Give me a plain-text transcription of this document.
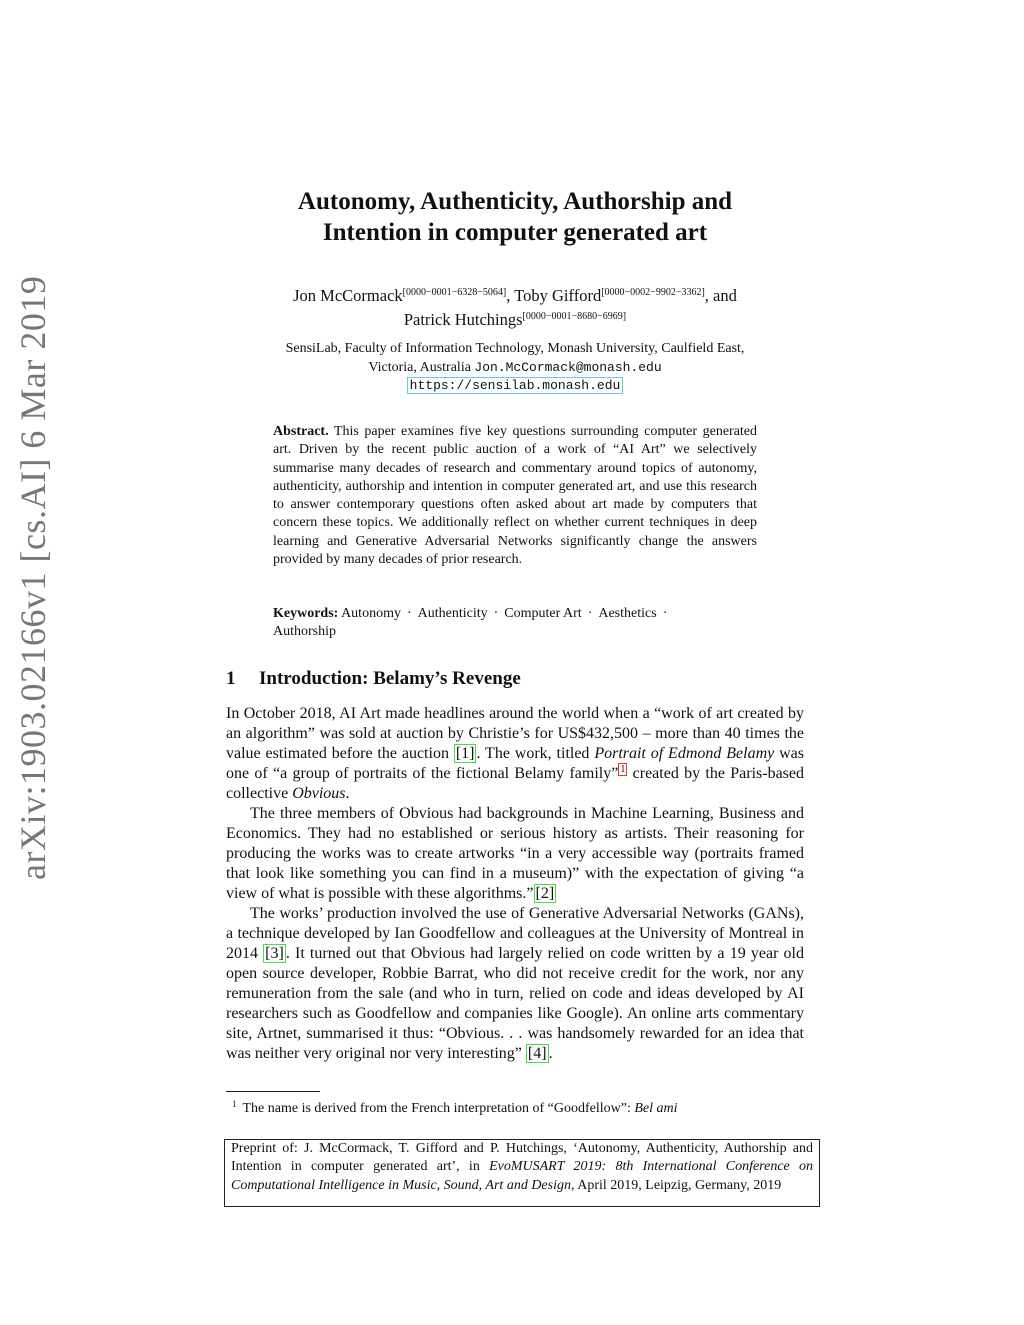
arXiv:1903.02166v1 [cs.AI] 6 Mar 2019
Autonomy, Authenticity, Authorship and
Intention in computer generated art
Jon McCormack[0000−0001−6328−5064], Toby Gifford[0000−0002−9902−3362], and
Patrick Hutchings[0000−0001−8680−6969]
SensiLab, Faculty of Information Technology, Monash University, Caulfield East,
Victoria, Australia Jon.McCormack@monash.edu
https://sensilab.monash.edu
Abstract. This paper examines five key questions surrounding computer generated art. Driven by the recent public auction of a work of “AI Art” we selectively summarise many decades of research and commentary around topics of autonomy, authenticity, authorship and intention in computer generated art, and use this research to answer contemporary questions often asked about art made by computers that concern these topics. We additionally reflect on whether current techniques in deep learning and Generative Adversarial Networks significantly change the answers provided by many decades of prior research.
Keywords: Autonomy · Authenticity · Computer Art · Aesthetics ·
Authorship
1 Introduction: Belamy’s Revenge

In October 2018, AI Art made headlines around the world when a “work of art created by an algorithm” was sold at auction by Christie’s for US$432,500 – more than 40 times the value estimated before the auction [1] . The work, titled Portrait of Edmond Belamy was one of “a group of portraits of the fictional Belamy family” $^1$ created by the Paris-based collective Obvious.

The three members of Obvious had backgrounds in Machine Learning, Business and Economics. They had no established or serious history as artists. Their reasoning for producing the works was to create artworks “in a very accessible way (portraits framed that look like something you can find in a museum)” with the expectation of giving “a view of what is possible with these algorithms.” [2]

The works’ production involved the use of Generative Adversarial Networks (GANs), a technique developed by Ian Goodfellow and colleagues at the University of Montreal in 2014 [3] . It turned out that Obvious had largely relied on code written by a 19 year old open source developer, Robbie Barrat, who did not receive credit for the work, nor any remuneration from the sale (and who in turn, relied on code and ideas developed by AI researchers such as Goodfellow and companies like Google). An online arts commentary site, Artnet, summarised it thus: “Obvious. . . was handsomely rewarded for an idea that was neither very original nor very interesting” [4] .

$^1$ The name is derived from the French interpretation of “Goodfellow”: Bel ami
Preprint of: J. McCormack, T. Gifford and P. Hutchings, ‘Autonomy, Authenticity, Authorship and Intention in computer generated art’, in EvoMUSART 2019: 8th International Conference on Computational Intelligence in Music, Sound, Art and Design, April 2019, Leipzig, Germany, 2019
